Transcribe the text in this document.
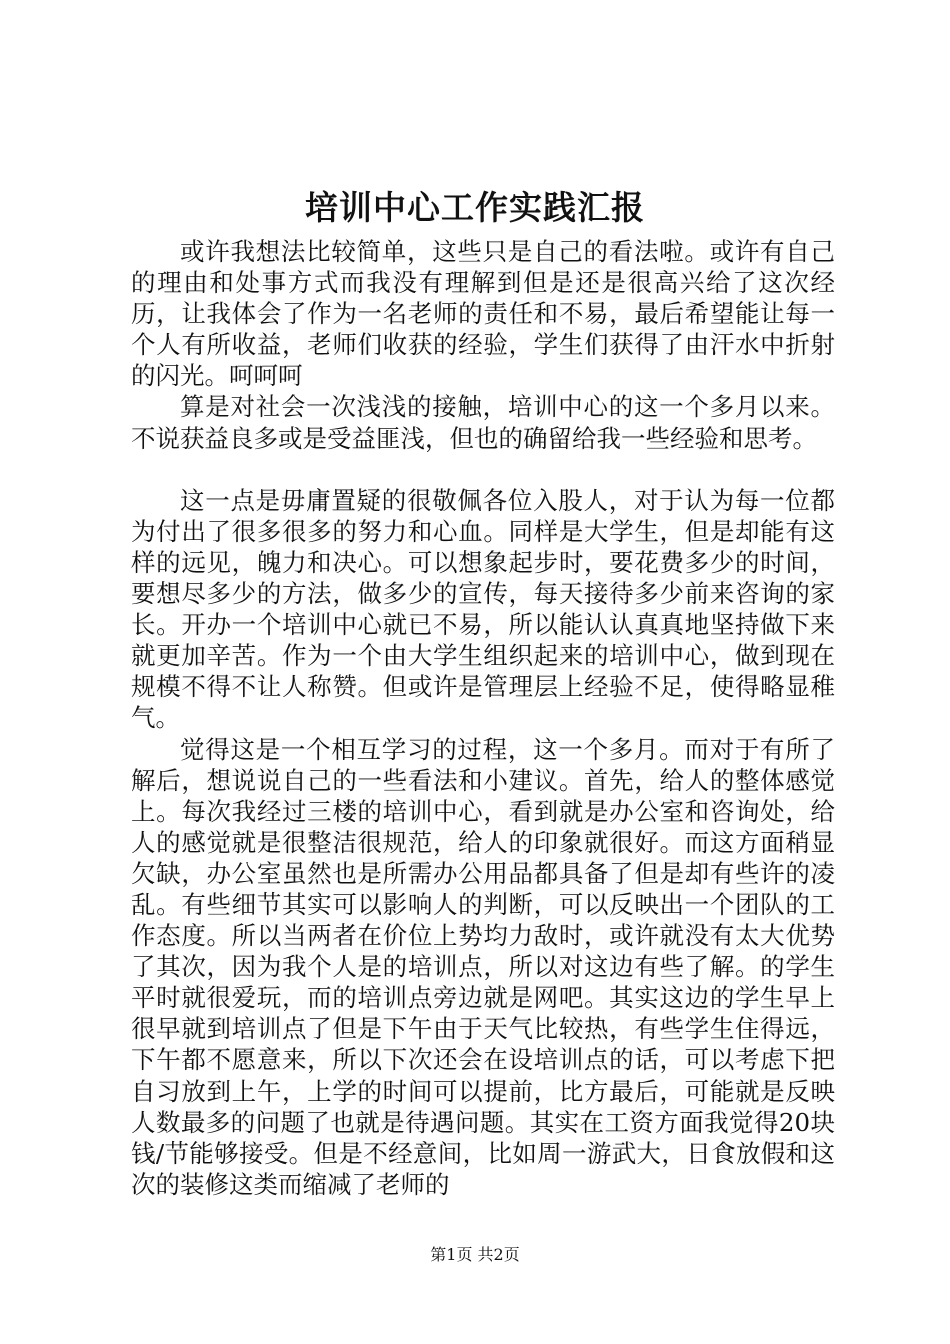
培训中心工作实践汇报

或许我想法比较简单，这些只是自己的看法啦。或许有自己的理由和处事方式而我没有理解到但是还是很高兴给了这次经历，让我体会了作为一名老师的责任和不易，最后希望能让每一个人有所收益，老师们收获的经验，学生们获得了由汗水中折射的闪光。呵呵呵

算是对社会一次浅浅的接触，培训中心的这一个多月以来。不说获益良多或是受益匪浅，但也的确留给我一些经验和思考。

这一点是毋庸置疑的很敬佩各位入股人，对于认为每一位都为付出了很多很多的努力和心血。同样是大学生，但是却能有这样的远见，魄力和决心。可以想象起步时，要花费多少的时间，要想尽多少的方法，做多少的宣传，每天接待多少前来咨询的家长。开办一个培训中心就已不易，所以能认认真真地坚持做下来就更加辛苦。作为一个由大学生组织起来的培训中心，做到现在规模不得不让人称赞。但或许是管理层上经验不足，使得略显稚气。

觉得这是一个相互学习的过程，这一个多月。而对于有所了解后，想说说自己的一些看法和小建议。首先，给人的整体感觉上。每次我经过三楼的培训中心，看到就是办公室和咨询处，给人的感觉就是很整洁很规范，给人的印象就很好。而这方面稍显欠缺，办公室虽然也是所需办公用品都具备了但是却有些许的凌乱。有些细节其实可以影响人的判断，可以反映出一个团队的工作态度。所以当两者在价位上势均力敌时，或许就没有太大优势了其次，因为我个人是的培训点，所以对这边有些了解。的学生平时就很爱玩，而的培训点旁边就是网吧。其实这边的学生早上很早就到培训点了但是下午由于天气比较热，有些学生住得远，下午都不愿意来，所以下次还会在设培训点的话，可以考虑下把自习放到上午，上学的时间可以提前，比方最后，可能就是反映人数最多的问题了也就是待遇问题。其实在工资方面我觉得20块钱/节能够接受。但是不经意间，比如周一游武大，日食放假和这次的装修这类而缩减了老师的

第1页 共2页
